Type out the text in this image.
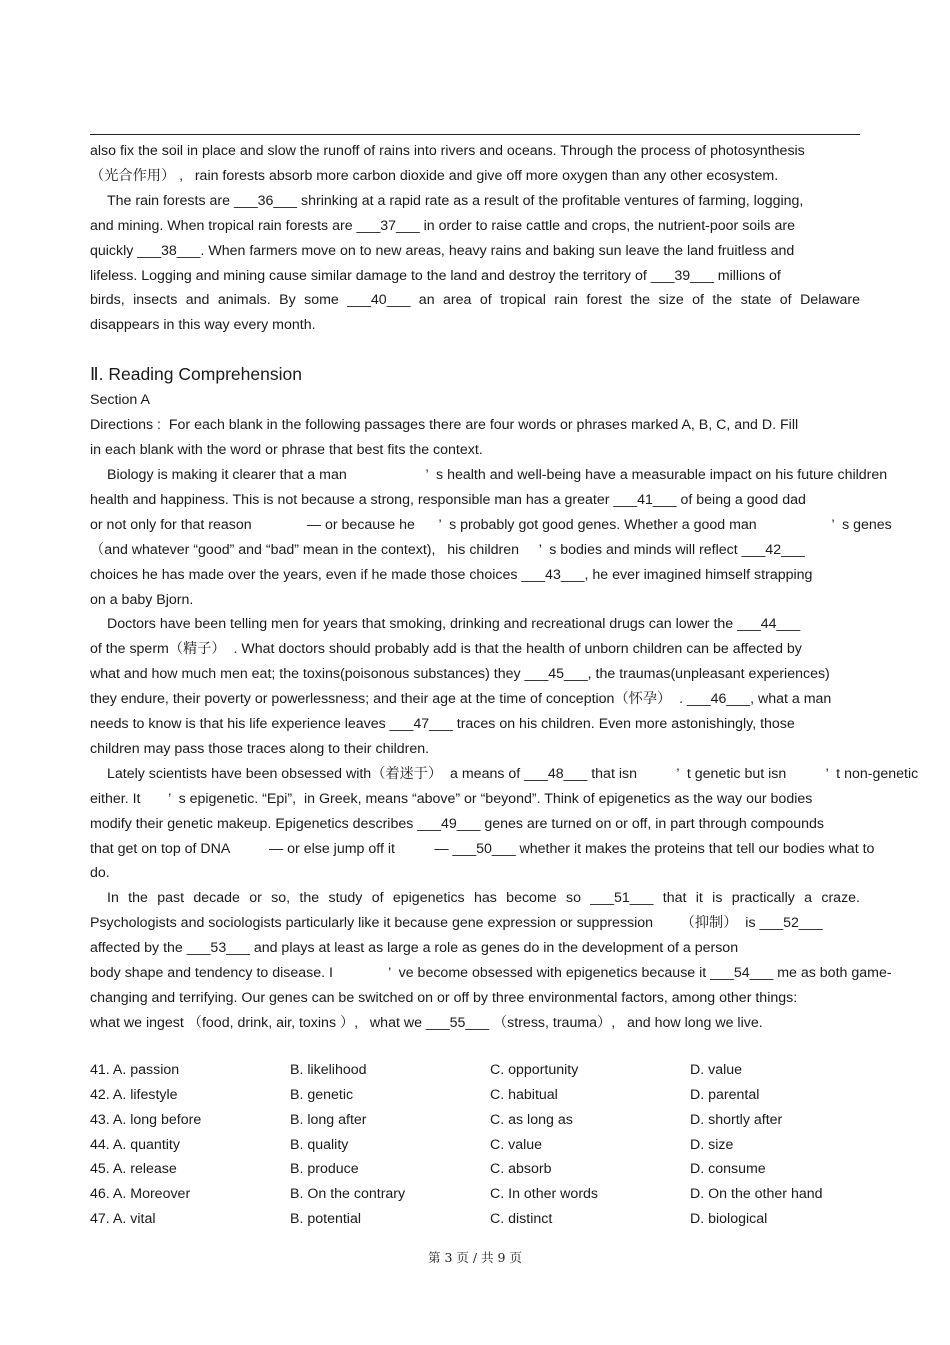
also fix the soil in place and slow the runoff of rains into rivers and oceans. Through the process of photosynthesis
（光合作用） ,   rain forests absorb more carbon dioxide and give off more oxygen than any other ecosystem.
The rain forests are ___36___ shrinking at a rapid rate as a result of the profitable ventures of farming, logging,
and mining. When tropical rain forests are ___37___ in order to raise cattle and crops, the nutrient-poor soils are
quickly ___38___. When farmers move on to new areas, heavy rains and baking sun leave the land fruitless and
lifeless. Logging and mining cause similar damage to the land and destroy the territory of ___39___ millions of
birds, insects and animals. By some ___40___ an area of tropical rain forest the size of the state of Delaware
disappears in this way every month.
Ⅱ. Reading Comprehension
Section A
Directions :  For each blank in the following passages there are four words or phrases marked A, B, C, and D. Fill
in each blank with the word or phrase that best fits the context.
Biology is making it clearer that a man                    ’  s health and well-being have a measurable impact on his future children
health and happiness. This is not because a strong, responsible man has a greater ___41___ of being a good dad
or not only for that reason              — or because he      ’  s probably got good genes. Whether a good man                   ’  s genes
（and whatever “good” and “bad” mean in the context),   his children     ’  s bodies and minds will reflect ___42___
choices he has made over the years, even if he made those choices ___43___, he ever imagined himself strapping
on a baby Bjorn.
Doctors have been telling men for years that smoking, drinking and recreational drugs can lower the ___44___
of the sperm（精子）  . What doctors should probably add is that the health of unborn children can be affected by
what and how much men eat; the toxins(poisonous substances) they ___45___, the traumas(unpleasant experiences)
they endure, their poverty or powerlessness; and their age at the time of conception（怀孕）  . ___46___, what a man
needs to know is that his life experience leaves ___47___ traces on his children. Even more astonishingly, those
children may pass those traces along to their children.
Lately scientists have been obsessed with（着迷于）  a means of ___48___ that isn          ’  t genetic but isn          ’  t non-genetic
either. It       ’  s epigenetic. “Epi”,  in Greek, means “above” or “beyond”. Think of epigenetics as the way our bodies
modify their genetic makeup. Epigenetics describes ___49___ genes are turned on or off, in part through compounds
that get on top of DNA          — or else jump off it          — ___50___ whether it makes the proteins that tell our bodies what to
do.
In the past decade or so, the study of epigenetics has become so ___51___ that it is practically a craze.
Psychologists and sociologists particularly like it because gene expression or suppression       （抑制）  is ___52___
affected by the ___53___ and plays at least as large a role as genes do in the development of a person
body shape and tendency to disease. I              ’  ve become obsessed with epigenetics because it ___54___ me as both game-
changing and terrifying. Our genes can be switched on or off by three environmental factors, among other things:
what we ingest （food, drink, air, toxins ）,   what we ___55___ （stress, trauma）,   and how long we live.
41. A. passion	B. likelihood	C. opportunity	D. value
42. A. lifestyle	B. genetic	C. habitual	D. parental
43. A. long before	B. long after	C. as long as	D. shortly after
44. A. quantity	B. quality	C. value	D. size
45. A. release	B. produce	C. absorb	D. consume
46. A. Moreover	B. On the contrary	C. In other words	D. On the other hand
47. A. vital	B. potential	C. distinct	D. biological
第 3 页 / 共 9 页
